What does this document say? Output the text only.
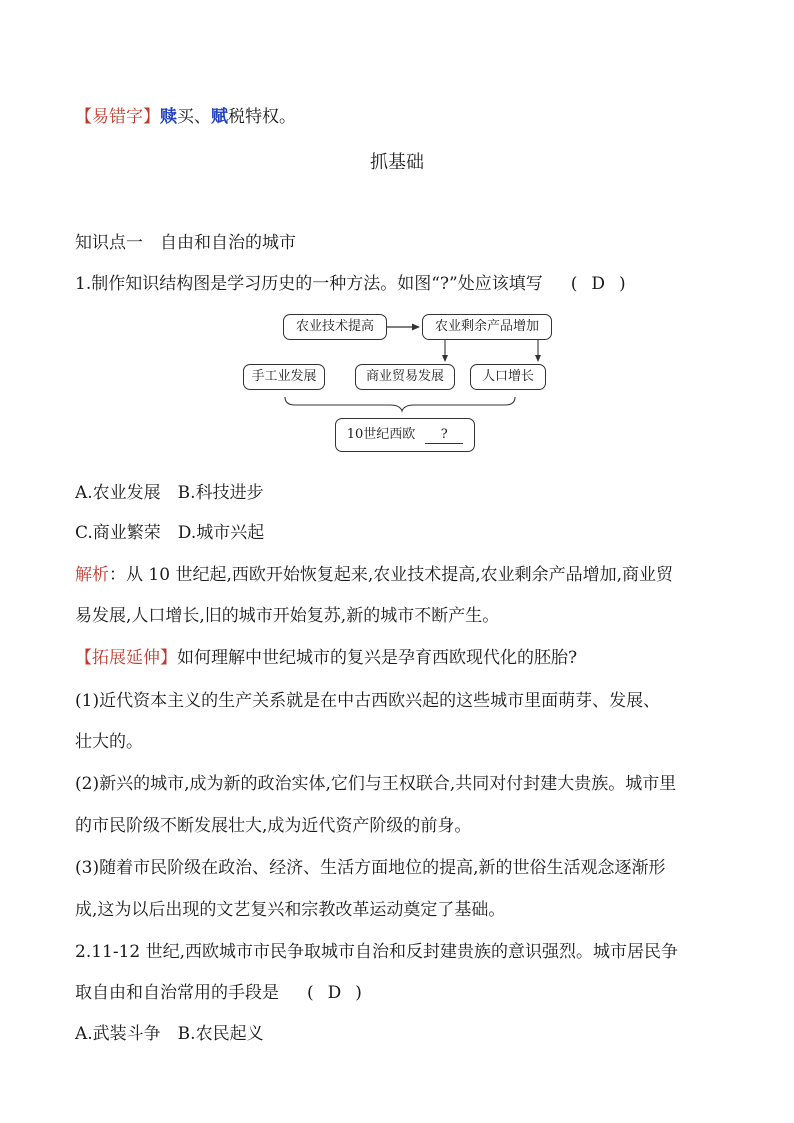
【易错字】赎买、赋税特权。
抓基础
知识点一　自由和自治的城市
1.制作知识结构图是学习历史的一种方法。如图“?”处应该填写 ( D )
农业技术提高	农业剩余产品增加
手工业发展	商业贸易发展	人口增长
10世纪西欧 ?
A.农业发展　B.科技进步
C.商业繁荣　D.城市兴起
解析：从 10 世纪起,西欧开始恢复起来,农业技术提高,农业剩余产品增加,商业贸
易发展,人口增长,旧的城市开始复苏,新的城市不断产生。
【拓展延伸】如何理解中世纪城市的复兴是孕育西欧现代化的胚胎?
(1)近代资本主义的生产关系就是在中古西欧兴起的这些城市里面萌芽、发展、
壮大的。
(2)新兴的城市,成为新的政治实体,它们与王权联合,共同对付封建大贵族。城市里
的市民阶级不断发展壮大,成为近代资产阶级的前身。
(3)随着市民阶级在政治、经济、生活方面地位的提高,新的世俗生活观念逐渐形
成,这为以后出现的文艺复兴和宗教改革运动奠定了基础。
2.11-12 世纪,西欧城市市民争取城市自治和反封建贵族的意识强烈。城市居民争
取自由和自治常用的手段是 ( D )
A.武装斗争　B.农民起义
